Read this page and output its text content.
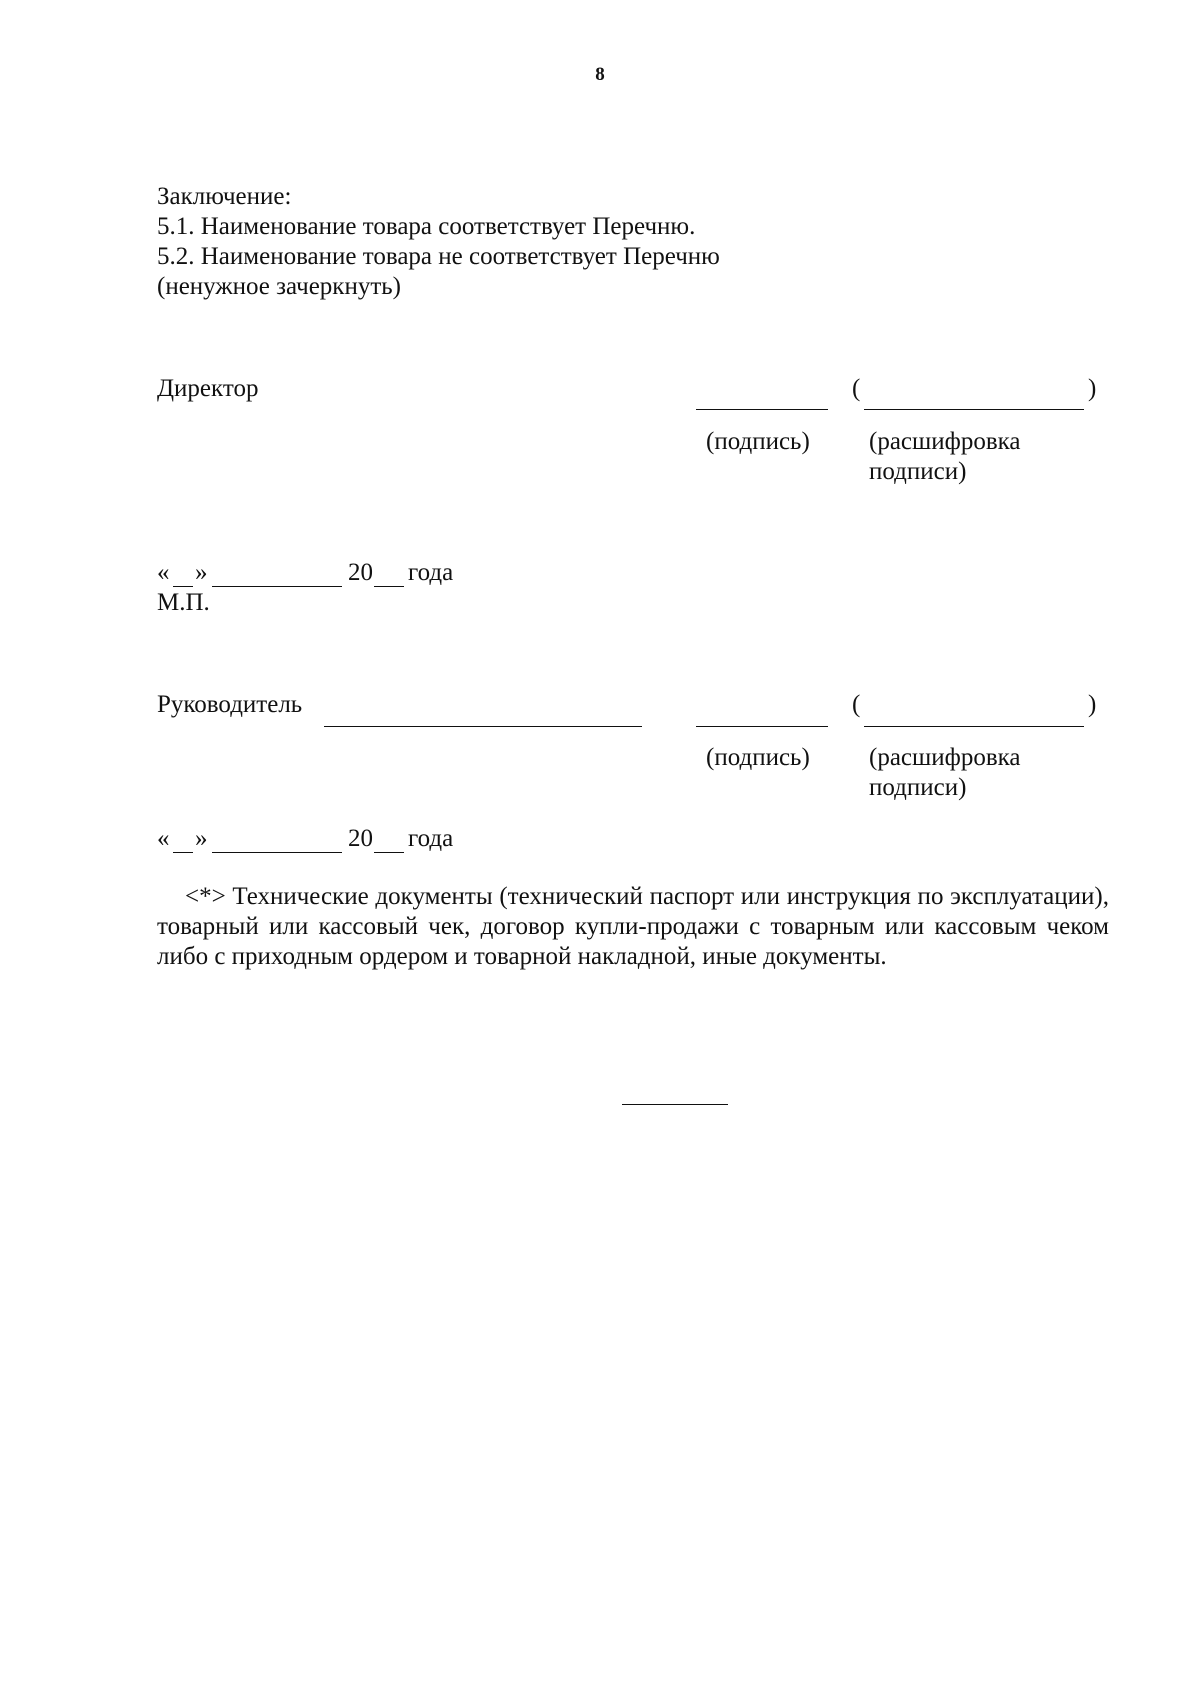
8
Заключение:
5.1. Наименование товара соответствует Перечню.
5.2. Наименование товара не соответствует Перечню
(ненужное зачеркнуть)
Директор	(	)
(подпись) (расшифровка
подписи)
« »	20 года
М.П.
Руководитель	(	)
(подпись) (расшифровка
подписи)
« »	20 года
<*> Технические документы (технический паспорт или инструкция по эксплуатации), товарный или кассовый чек, договор купли-продажи с товарным или кассовым чеком либо с приходным ордером и товарной накладной, иные документы.
